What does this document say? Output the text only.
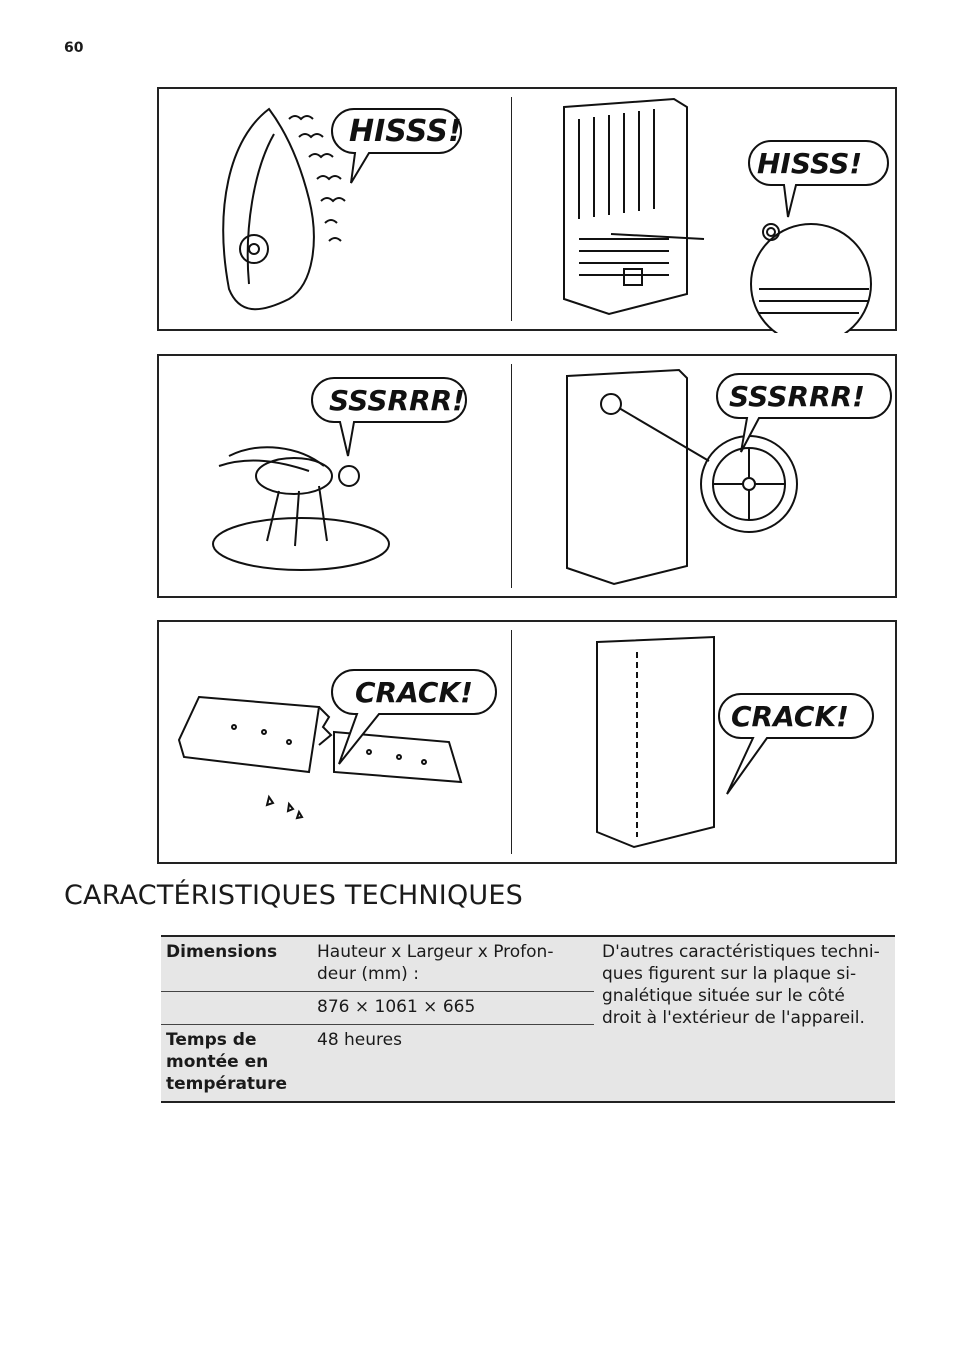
60
HISSS!
HISSS!
SSSRRR!	SSSRRR!
CRACK!
CRACK!
CARACTÉRISTIQUES TECHNIQUES
Dimensions	Hauteur x Largeur x Profon-deur (mm) :	D'autres caractéristiques techni-ques figurent sur la plaque si-gnalétique située sur le côté droit à l'extérieur de l'appareil.
	876 × 1061 × 665	
Temps de montée en température	48 heures	
